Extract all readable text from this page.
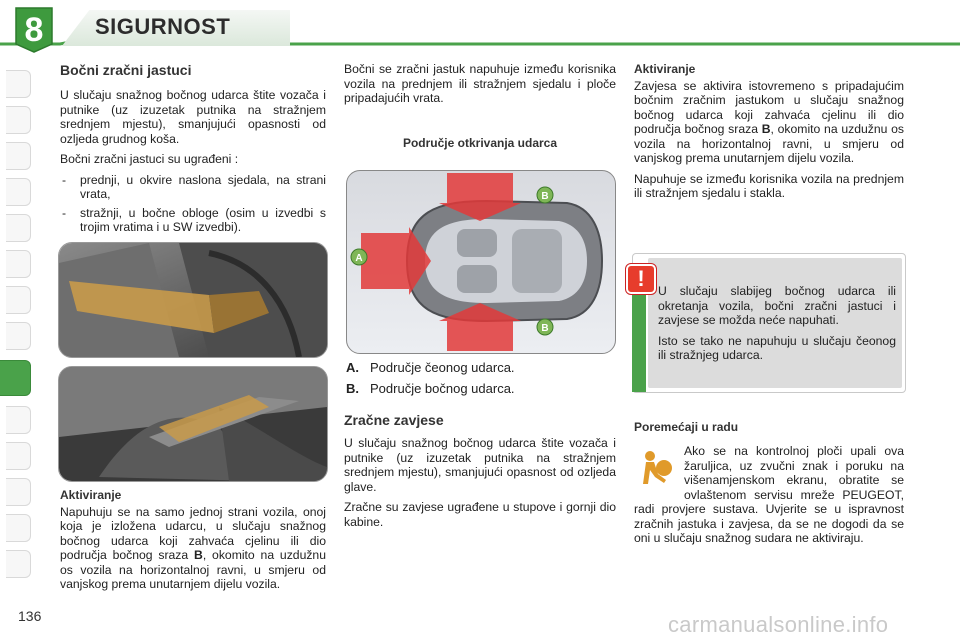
8	SIGURNOST
Bočni zračni jastuci

U slučaju snažnog bočnog udarca štite vozača i putnike (uz izuzetak putnika na stražnjem srednjem mjestu), smanjujući opasnosti od ozljeda grudnog koša.

Bočni zračni jastuci su ugrađeni :

- prednji, u okvire naslona sjedala, na strani vrata,
- stražnji, u bočne obloge (osim u izvedbi s trojim vratima i u SW izvedbi).
Aktiviranje

Napuhuju se na samo jednoj strani vozila, onoj koja je izložena udarcu, u slučaju snažnog bočnog udarca koji zahvaća cjelinu ili dio područja bočnog sraza B, okomito na uzdužnu os vozila na horizontalnoj ravni, u smjeru od vanjskog prema unutarnjem dijelu vozila.

Bočni se zračni jastuk napuhuje između korisnika vozila na prednjem ili stražnjem sjedalu i ploče pripadajućih vrata.

Područje otkrivanja udarca
A
B
B
A. Područje čeonog udarca.
B. Područje bočnog udarca.
Zračne zavjese

U slučaju snažnog bočnog udarca štite vozača i putnike (uz izuzetak putnika na stražnjem srednjem mjestu), smanjujući opasnost od ozljeda glave.

Zračne su zavjese ugrađene u stupove i gornji dio kabine.

Aktiviranje

Zavjesa se aktivira istovremeno s pripadajućim bočnim zračnim jastukom u slučaju snažnog bočnog udarca koji zahvaća cjelinu ili dio područja bočnog sraza B, okomito na uzdužnu os vozila na horizontalnoj ravni, u smjeru od vanjskog prema unutarnjem dijelu vozila.

Napuhuje se između korisnika vozila na prednjem ili stražnjem sjedalu i stakla.

!	U slučaju slabijeg bočnog udarca ili okretanja vozila, bočni zračni jastuci i zavjese se možda neće napuhati.

Isto se tako ne napuhuju u slučaju čeonog ili stražnjeg udarca.

Poremećaji u radu

Ako se na kontrolnoj ploči upali ova žaruljica, uz zvučni znak i poruku na višenamjenskom ekranu, obratite se ovlaštenom servisu mreže PEUGEOT, radi provjere sustava. Uvjerite se u ispravnost zračnih jastuka i zavjesa, da se ne dogodi da se oni u slučaju snažnog sudara ne aktiviraju.

136	carmanualsonline.info
